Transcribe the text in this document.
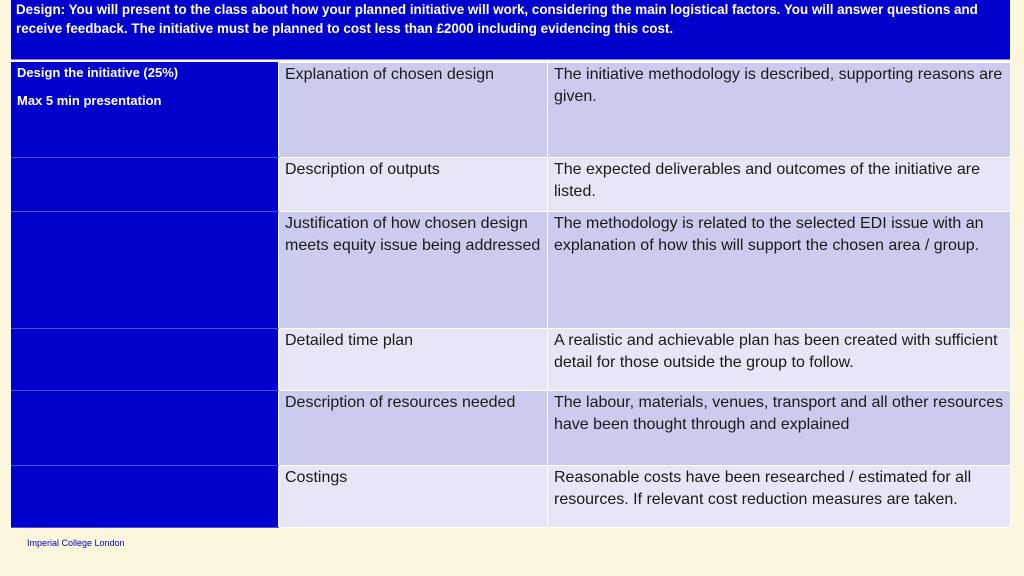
Design: You will present to the class about how your planned initiative will work, considering the main logistical factors. You will answer questions and receive feedback. The initiative must be planned to cost less than £2000 including evidencing this cost.
Design the initiative (25%)
Max 5 min presentation	Explanation of chosen design	The initiative methodology is described, supporting reasons are given.
	Description of outputs	The expected deliverables and outcomes of the initiative are listed.
	Justification of how chosen design meets equity issue being addressed	The methodology is related to the selected EDI issue with an explanation of how this will support the chosen area / group.
	Detailed time plan	A realistic and achievable plan has been created with sufficient detail for those outside the group to follow.
	Description of resources needed	The labour, materials, venues, transport and all other resources have been thought through and explained
	Costings	Reasonable costs have been researched / estimated for all resources. If relevant cost reduction measures are taken.
Imperial College London
